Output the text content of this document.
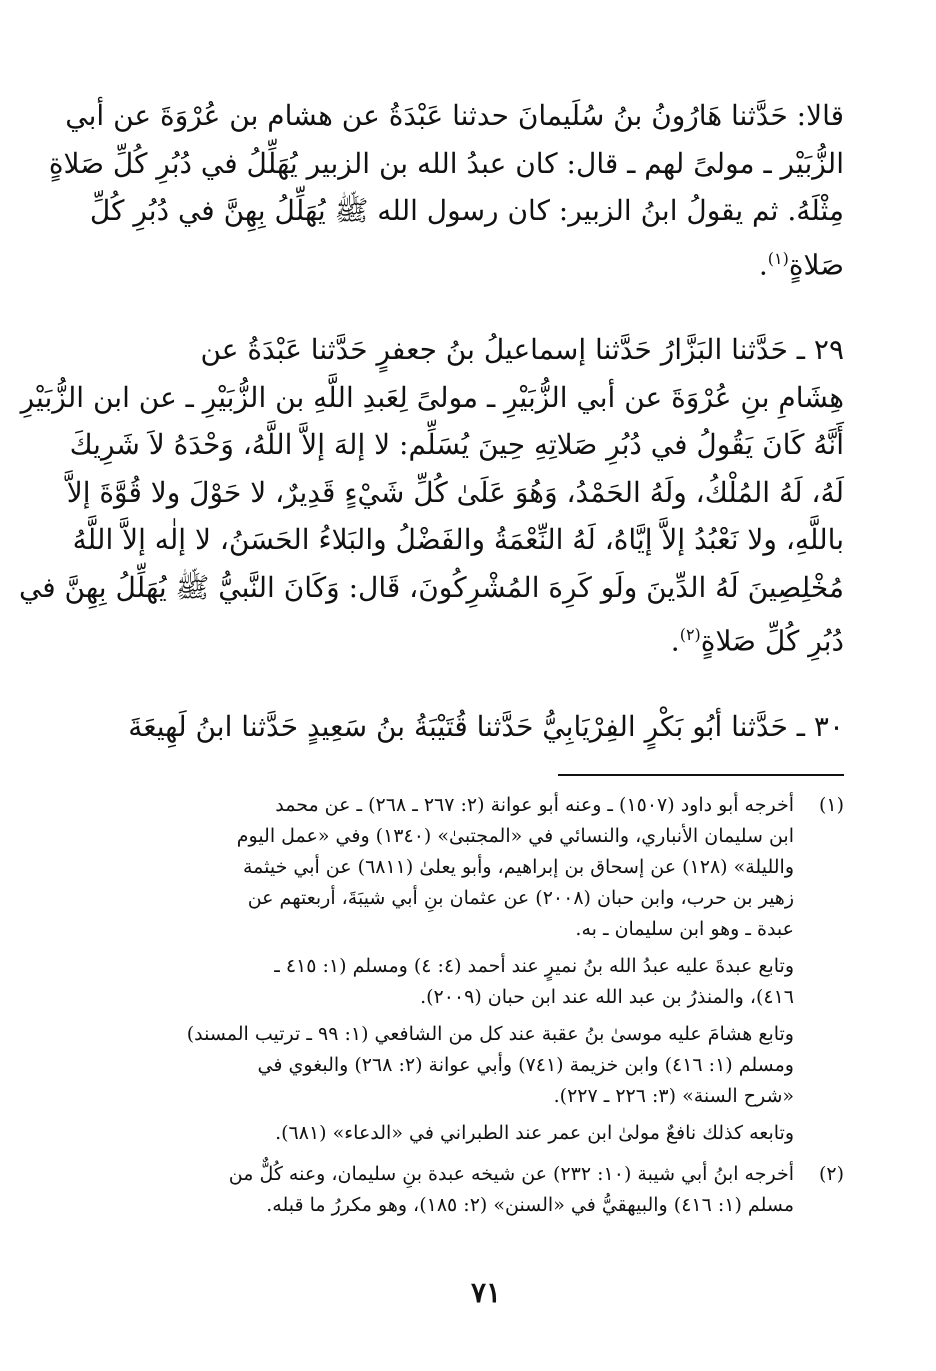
قالا: حَدَّثنا هَارُونُ بنُ سُلَيمانَ حدثنا عَبْدَةُ عن هشام بن عُرْوَةَ عن أبي
الزُّبَيْر ـ مولىً لهم ـ قال: كان عبدُ الله بن الزبير يُهَلِّلُ في دُبُرِ كُلِّ صَلاةٍ
مِثْلَهُ. ثم يقولُ ابنُ الزبير: كان رسول الله ﷺ يُهَلِّلُ بِهِنَّ في دُبُرِ كُلِّ
صَلاةٍ$^{(١)}$.

٢٩ ـ حَدَّثنا البَزَّارُ حَدَّثنا إسماعيلُ بنُ جعفرٍ حَدَّثنا عَبْدَةُ عن
هِشَامِ بنِ عُرْوَةَ عن أبي الزُّبَيْرِ ـ مولىً لِعَبدِ اللَّهِ بن الزُّبَيْرِ ـ عن ابن الزُّبَيْرِ
أَنَّهُ كَانَ يَقُولُ في دُبُرِ صَلاتِهِ حِينَ يُسَلِّم: لا إلهَ إلاَّ اللَّهُ، وَحْدَهُ لاَ شَرِيكَ
لَهُ، لَهُ المُلْكُ، ولَهُ الحَمْدُ، وَهُوَ عَلَىٰ كُلِّ شَيْءٍ قَدِيرٌ، لا حَوْلَ ولا قُوَّةَ إلاَّ
باللَّهِ، ولا نَعْبُدُ إلاَّ إيَّاهُ، لَهُ النِّعْمَةُ والفَضْلُ والبَلاءُ الحَسَنُ، لا إلٰه إلاَّ اللَّهُ
مُخْلِصِينَ لَهُ الدِّينَ ولَو كَرِهَ المُشْرِكُونَ، قَال: وَكَانَ النَّبيُّ ﷺ يُهَلِّلُ بِهِنَّ في
دُبُرِ كُلِّ صَلاةٍ$^{(٢)}$.

٣٠ ـ حَدَّثنا أبُو بَكْرٍ الفِرْيَابِيُّ حَدَّثنا قُتَيْبَةُ بنُ سَعِيدٍ حَدَّثنا ابنُ لَهِيعَةَ

(١)

أخرجه أبو داود (١٥٠٧) ـ وعنه أبو عوانة (٢: ٢٦٧ ـ ٢٦٨) ـ عن محمد
ابن سليمان الأنباري، والنسائي في «المجتبىٰ» (١٣٤٠) وفي «عمل اليوم
والليلة» (١٢٨) عن إسحاق بن إبراهيم، وأبو يعلىٰ (٦٨١١) عن أبي خيثمة
زهير بن حرب، وابن حبان (٢٠٠٨) عن عثمان بنِ أبي شيبَةَ، أربعتهم عن
عبدة ـ وهو ابن سليمان ـ به.

وتابع عبدةَ عليه عبدُ الله بنُ نميرٍ عند أحمد (٤: ٤) ومسلم (١: ٤١٥ ـ
٤١٦)، والمنذرُ بن عبد الله عند ابن حبان (٢٠٠٩).

وتابع هشامَ عليه موسىٰ بنُ عقبة عند كل من الشافعي (١: ٩٩ ـ ترتيب المسند)
ومسلم (١: ٤١٦) وابن خزيمة (٧٤١) وأبي عوانة (٢: ٢٦٨) والبغوي في
«شرح السنة» (٣: ٢٢٦ ـ ٢٢٧).

وتابعه كذلك نافعٌ مولىٰ ابن عمر عند الطبراني في «الدعاء» (٦٨١).

(٢)

أخرجه ابنُ أبي شيبة (١٠: ٢٣٢) عن شيخه عبدة بنِ سليمان، وعنه كُلٌّ من
مسلم (١: ٤١٦) والبيهقيُّ في «السنن» (٢: ١٨٥)، وهو مكررُ ما قبله.

٧١
